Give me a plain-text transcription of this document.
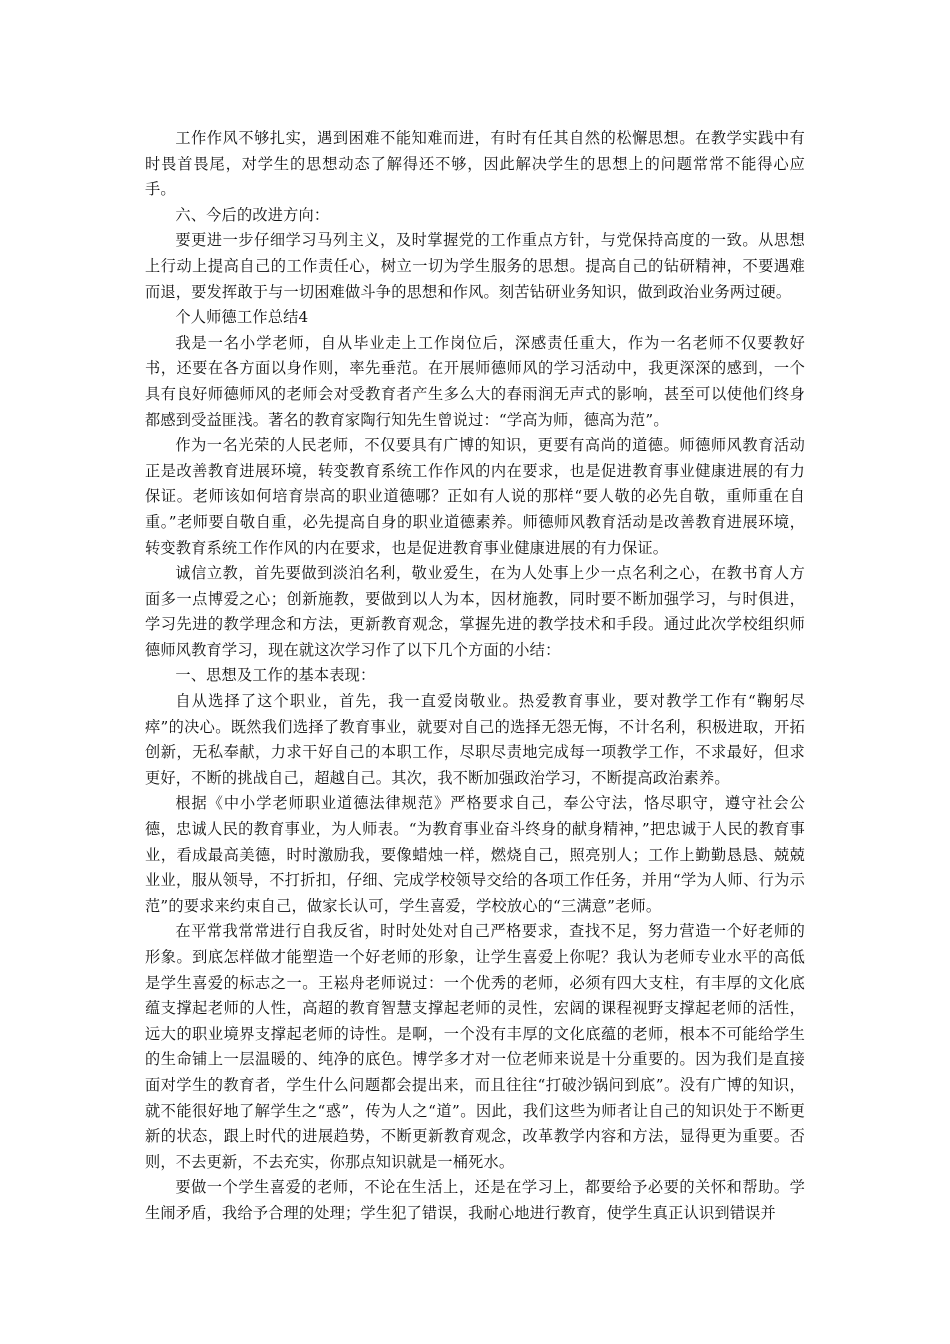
工作作风不够扎实，遇到困难不能知难而进，有时有任其自然的松懈思想。在教学实践中有时畏首畏尾，对学生的思想动态了解得还不够，因此解决学生的思想上的问题常常不能得心应手。

六、今后的改进方向：

要更进一步仔细学习马列主义，及时掌握党的工作重点方针，与党保持高度的一致。从思想上行动上提高自己的工作责任心，树立一切为学生服务的思想。提高自己的钻研精神，不要遇难而退，要发挥敢于与一切困难做斗争的思想和作风。刻苦钻研业务知识，做到政治业务两过硬。

个人师德工作总结4

我是一名小学老师，自从毕业走上工作岗位后，深感责任重大，作为一名老师不仅要教好书，还要在各方面以身作则，率先垂范。在开展师德师风的学习活动中，我更深深的感到，一个具有良好师德师风的老师会对受教育者产生多么大的春雨润无声式的影响，甚至可以使他们终身都感到受益匪浅。著名的教育家陶行知先生曾说过：“学高为师，德高为范”。

作为一名光荣的人民老师，不仅要具有广博的知识，更要有高尚的道德。师德师风教育活动正是改善教育进展环境，转变教育系统工作作风的内在要求，也是促进教育事业健康进展的有力保证。老师该如何培育崇高的职业道德哪？正如有人说的那样“要人敬的必先自敬，重师重在自重。”老师要自敬自重，必先提高自身的职业道德素养。师德师风教育活动是改善教育进展环境，转变教育系统工作作风的内在要求，也是促进教育事业健康进展的有力保证。

诚信立教，首先要做到淡泊名利，敬业爱生，在为人处事上少一点名利之心，在教书育人方面多一点博爱之心；创新施教，要做到以人为本，因材施教，同时要不断加强学习，与时俱进，学习先进的教学理念和方法，更新教育观念，掌握先进的教学技术和手段。通过此次学校组织师德师风教育学习，现在就这次学习作了以下几个方面的小结：

一、思想及工作的基本表现：

自从选择了这个职业，首先，我一直爱岗敬业。热爱教育事业，要对教学工作有“鞠躬尽瘁”的决心。既然我们选择了教育事业，就要对自己的选择无怨无悔，不计名利，积极进取，开拓创新，无私奉献，力求干好自己的本职工作，尽职尽责地完成每一项教学工作，不求最好，但求更好，不断的挑战自己，超越自己。其次，我不断加强政治学习，不断提高政治素养。

根据《中小学老师职业道德法律规范》严格要求自己，奉公守法，恪尽职守，遵守社会公德，忠诚人民的教育事业，为人师表。“为教育事业奋斗终身的献身精神，”把忠诚于人民的教育事业，看成最高美德，时时激励我，要像蜡烛一样，燃烧自己，照亮别人；工作上勤勤恳恳、兢兢业业，服从领导，不打折扣，仔细、完成学校领导交给的各项工作任务，并用“学为人师、行为示范”的要求来约束自己，做家长认可，学生喜爱，学校放心的“三满意”老师。

在平常我常常进行自我反省，时时处处对自己严格要求，查找不足，努力营造一个好老师的形象。到底怎样做才能塑造一个好老师的形象，让学生喜爱上你呢？我认为老师专业水平的高低是学生喜爱的标志之一。王崧舟老师说过：一个优秀的老师，必须有四大支柱，有丰厚的文化底蕴支撑起老师的人性，高超的教育智慧支撑起老师的灵性，宏阔的课程视野支撑起老师的活性，远大的职业境界支撑起老师的诗性。是啊，一个没有丰厚的文化底蕴的老师，根本不可能给学生的生命铺上一层温暖的、纯净的底色。博学多才对一位老师来说是十分重要的。因为我们是直接面对学生的教育者，学生什么问题都会提出来，而且往往“打破沙锅问到底”。没有广博的知识，就不能很好地了解学生之“惑”，传为人之“道”。因此，我们这些为师者让自己的知识处于不断更新的状态，跟上时代的进展趋势，不断更新教育观念，改革教学内容和方法，显得更为重要。否则，不去更新，不去充实，你那点知识就是一桶死水。

要做一个学生喜爱的老师，不论在生活上，还是在学习上，都要给予必要的关怀和帮助。学生闹矛盾，我给予合理的处理；学生犯了错误，我耐心地进行教育，使学生真正认识到错误并
